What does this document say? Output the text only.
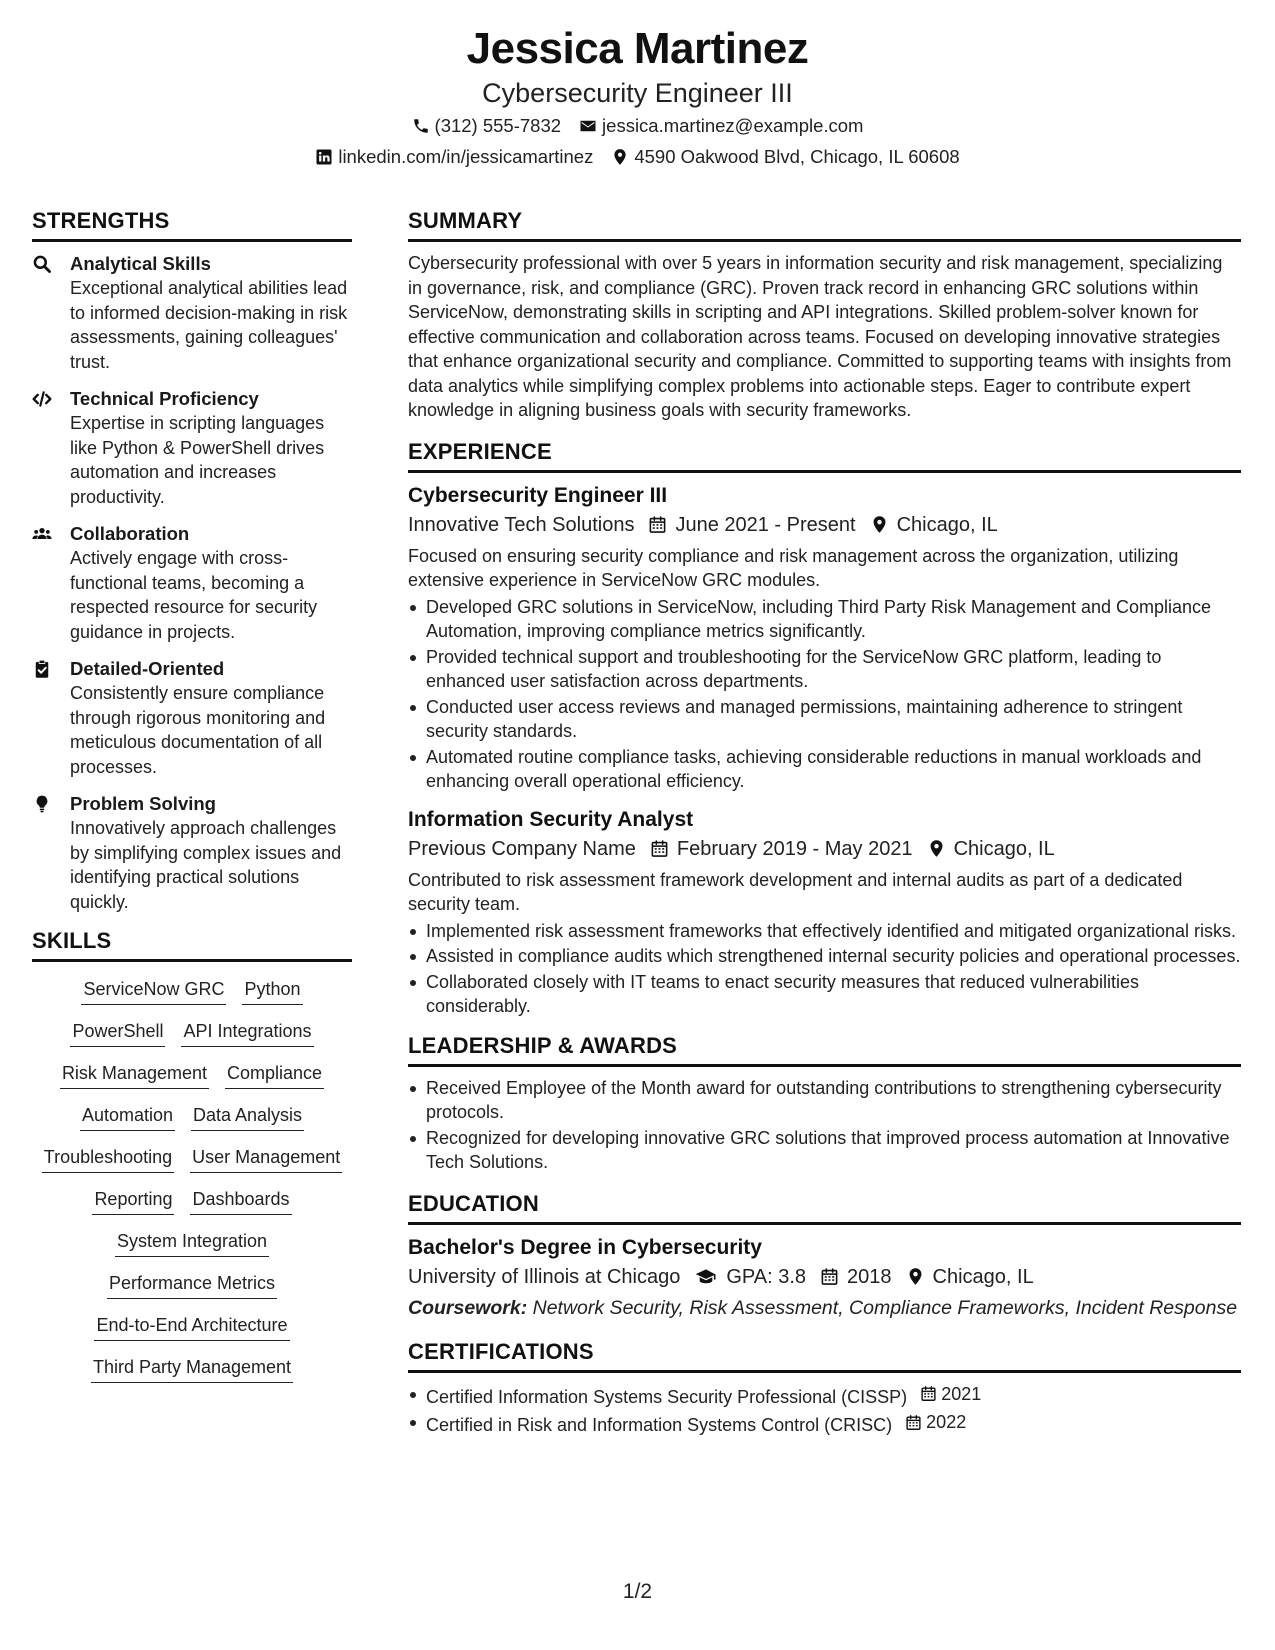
Jessica Martinez
Cybersecurity Engineer III
(312) 555-7832 jessica.martinez@example.com
linkedin.com/in/jessicamartinez 4590 Oakwood Blvd, Chicago, IL 60608
STRENGTHS
Analytical Skills
Exceptional analytical abilities lead to informed decision-making in risk assessments, gaining colleagues' trust.
Technical Proficiency
Expertise in scripting languages like Python & PowerShell drives automation and increases productivity.
Collaboration
Actively engage with cross-functional teams, becoming a respected resource for security guidance in projects.
Detailed-Oriented
Consistently ensure compliance through rigorous monitoring and meticulous documentation of all processes.
Problem Solving
Innovatively approach challenges by simplifying complex issues and identifying practical solutions quickly.
SKILLS
ServiceNow GRC Python
PowerShell API Integrations
Risk Management Compliance
Automation Data Analysis
Troubleshooting User Management
Reporting Dashboards
System Integration
Performance Metrics
End-to-End Architecture
Third Party Management
SUMMARY
Cybersecurity professional with over 5 years in information security and risk management, specializing in governance, risk, and compliance (GRC). Proven track record in enhancing GRC solutions within ServiceNow, demonstrating skills in scripting and API integrations. Skilled problem-solver known for effective communication and collaboration across teams. Focused on developing innovative strategies that enhance organizational security and compliance. Committed to supporting teams with insights from data analytics while simplifying complex problems into actionable steps. Eager to contribute expert knowledge in aligning business goals with security frameworks.
EXPERIENCE
Cybersecurity Engineer III
Innovative Tech Solutions June 2021 - Present Chicago, IL
Focused on ensuring security compliance and risk management across the organization, utilizing extensive experience in ServiceNow GRC modules.
Developed GRC solutions in ServiceNow, including Third Party Risk Management and Compliance Automation, improving compliance metrics significantly.
Provided technical support and troubleshooting for the ServiceNow GRC platform, leading to enhanced user satisfaction across departments.
Conducted user access reviews and managed permissions, maintaining adherence to stringent security standards.
Automated routine compliance tasks, achieving considerable reductions in manual workloads and enhancing overall operational efficiency.
Information Security Analyst
Previous Company Name February 2019 - May 2021 Chicago, IL
Contributed to risk assessment framework development and internal audits as part of a dedicated security team.
Implemented risk assessment frameworks that effectively identified and mitigated organizational risks.
Assisted in compliance audits which strengthened internal security policies and operational processes.
Collaborated closely with IT teams to enact security measures that reduced vulnerabilities considerably.
LEADERSHIP & AWARDS
Received Employee of the Month award for outstanding contributions to strengthening cybersecurity protocols.
Recognized for developing innovative GRC solutions that improved process automation at Innovative Tech Solutions.
EDUCATION
Bachelor's Degree in Cybersecurity
University of Illinois at Chicago GPA: 3.8 2018 Chicago, IL
Coursework: Network Security, Risk Assessment, Compliance Frameworks, Incident Response
CERTIFICATIONS
Certified Information Systems Security Professional (CISSP) 2021
Certified in Risk and Information Systems Control (CRISC) 2022
1/2
